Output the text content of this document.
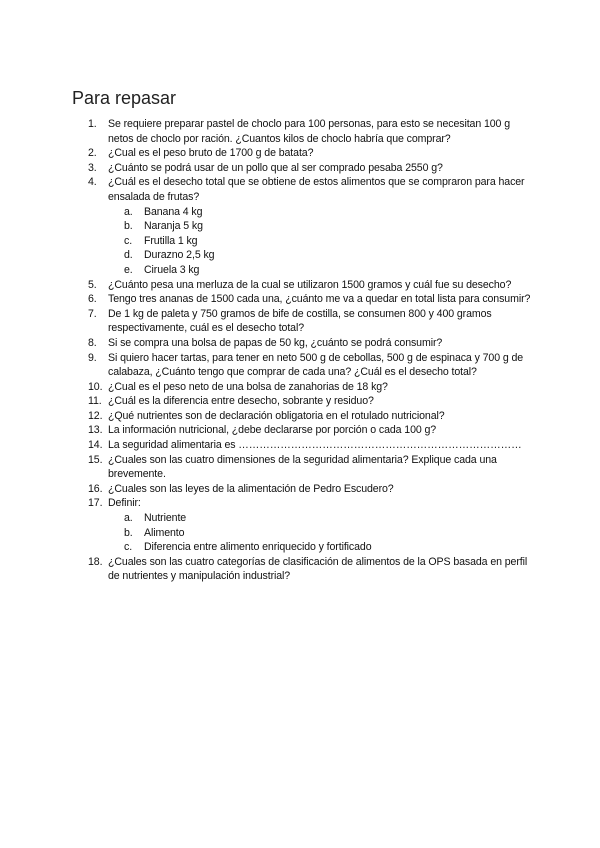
Para repasar
1. Se requiere preparar pastel de choclo para 100 personas, para esto se necesitan 100 g netos de choclo por ración. ¿Cuantos kilos de choclo habría que comprar?
2. ¿Cual es el peso bruto de 1700 g de batata?
3. ¿Cuánto se podrá usar de un pollo que al ser comprado pesaba 2550 g?
4. ¿Cuál es el desecho total que se obtiene de estos alimentos que se compraron para hacer ensalada de frutas?
a. Banana 4 kg
b. Naranja 5 kg
c. Frutilla 1 kg
d. Durazno 2,5 kg
e. Ciruela 3 kg
5. ¿Cuánto pesa una merluza de la cual se utilizaron 1500 gramos y cuál fue su desecho?
6. Tengo tres ananas de 1500 cada una, ¿cuánto me va a quedar en total lista para consumir?
7. De 1 kg de paleta y 750 gramos de bife de costilla, se consumen 800 y 400 gramos respectivamente, cuál es el desecho total?
8. Si se compra una bolsa de papas de 50 kg, ¿cuánto se podrá consumir?
9. Si quiero hacer tartas, para tener en neto 500 g de cebollas, 500 g de espinaca y 700 g de calabaza, ¿Cuánto tengo que comprar de cada una? ¿Cuál es el desecho total?
10. ¿Cual es el peso neto de una bolsa de zanahorias de 18 kg?
11. ¿Cuál es la diferencia entre desecho, sobrante y residuo?
12. ¿Qué nutrientes son de declaración obligatoria en el rotulado nutricional?
13. La información nutricional, ¿debe declararse por porción o cada 100 g?
14. La seguridad alimentaria es ………………………………………………………………………
15. ¿Cuales son las cuatro dimensiones de la seguridad alimentaria? Explique cada una brevemente.
16. ¿Cuales son las leyes de la alimentación de Pedro Escudero?
17. Definir:
a. Nutriente
b. Alimento
c. Diferencia entre alimento enriquecido y fortificado
18. ¿Cuales son las cuatro categorías de clasificación de alimentos de la OPS basada en perfil de nutrientes y manipulación industrial?
